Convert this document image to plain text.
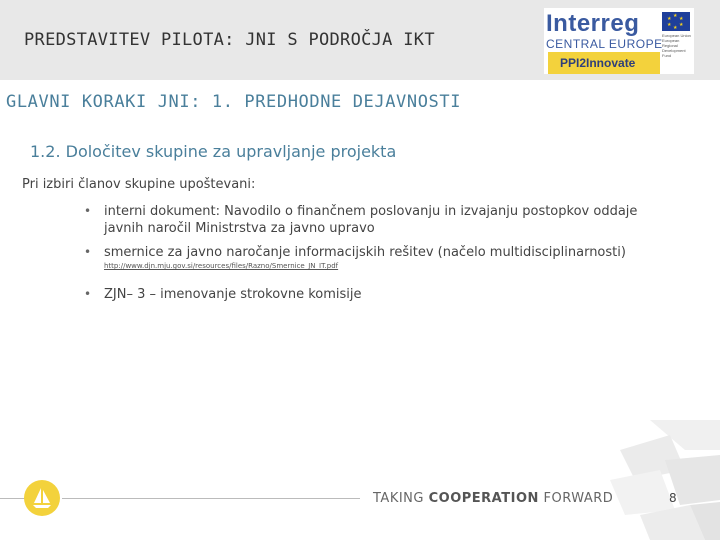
PREDSTAVITEV PILOTA: JNI S PODROČJA IKT
Interreg	★ ★
★
★
★
★
European Union European Regional Development Fund
CENTRAL EUROPE
PPI2Innovate
GLAVNI KORAKI JNI: 1. PREDHODNE DEJAVNOSTI
1.2. Določitev skupine za upravljanje projekta
Pri izbiri članov skupine upoštevani:
• interni dokument: Navodilo o finančnem poslovanju in izvajanju postopkov oddaje
javnih naročil Ministrstva za javno upravo
• smernice za javno naročanje informacijskih rešitev (načelo multidisciplinarnosti)
http://www.djn.mju.gov.si/resources/files/Razno/Smernice_JN_IT.pdf
• ZJN– 3 – imenovanje strokovne komisije
TAKING COOPERATION FORWARD	8
